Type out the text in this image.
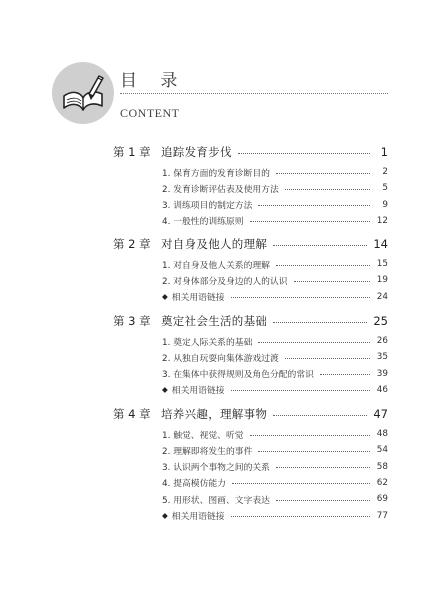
目 录
CONTENT
第 1 章 追踪发育步伐	1
1. 保育方面的发育诊断目的	2
2. 发育诊断评估表及使用方法	5
3. 训练项目的制定方法	9
4. 一般性的训练原则	12
第 2 章 对自身及他人的理解	14
1. 对自身及他人关系的理解	15
2. 对身体部分及身边的人的认识	19
◆ 相关用语链接	24
第 3 章 奠定社会生活的基础	25
1. 奠定人际关系的基础	26
2. 从独自玩耍向集体游戏过渡	35
3. 在集体中获得规则及角色分配的常识	39
◆ 相关用语链接	46
第 4 章 培养兴趣，理解事物	47
1. 触觉、视觉、听觉	48
2. 理解即将发生的事件	54
3. 认识两个事物之间的关系	58
4. 提高模仿能力	62
5. 用形状、图画、文字表达	69
◆ 相关用语链接	77
